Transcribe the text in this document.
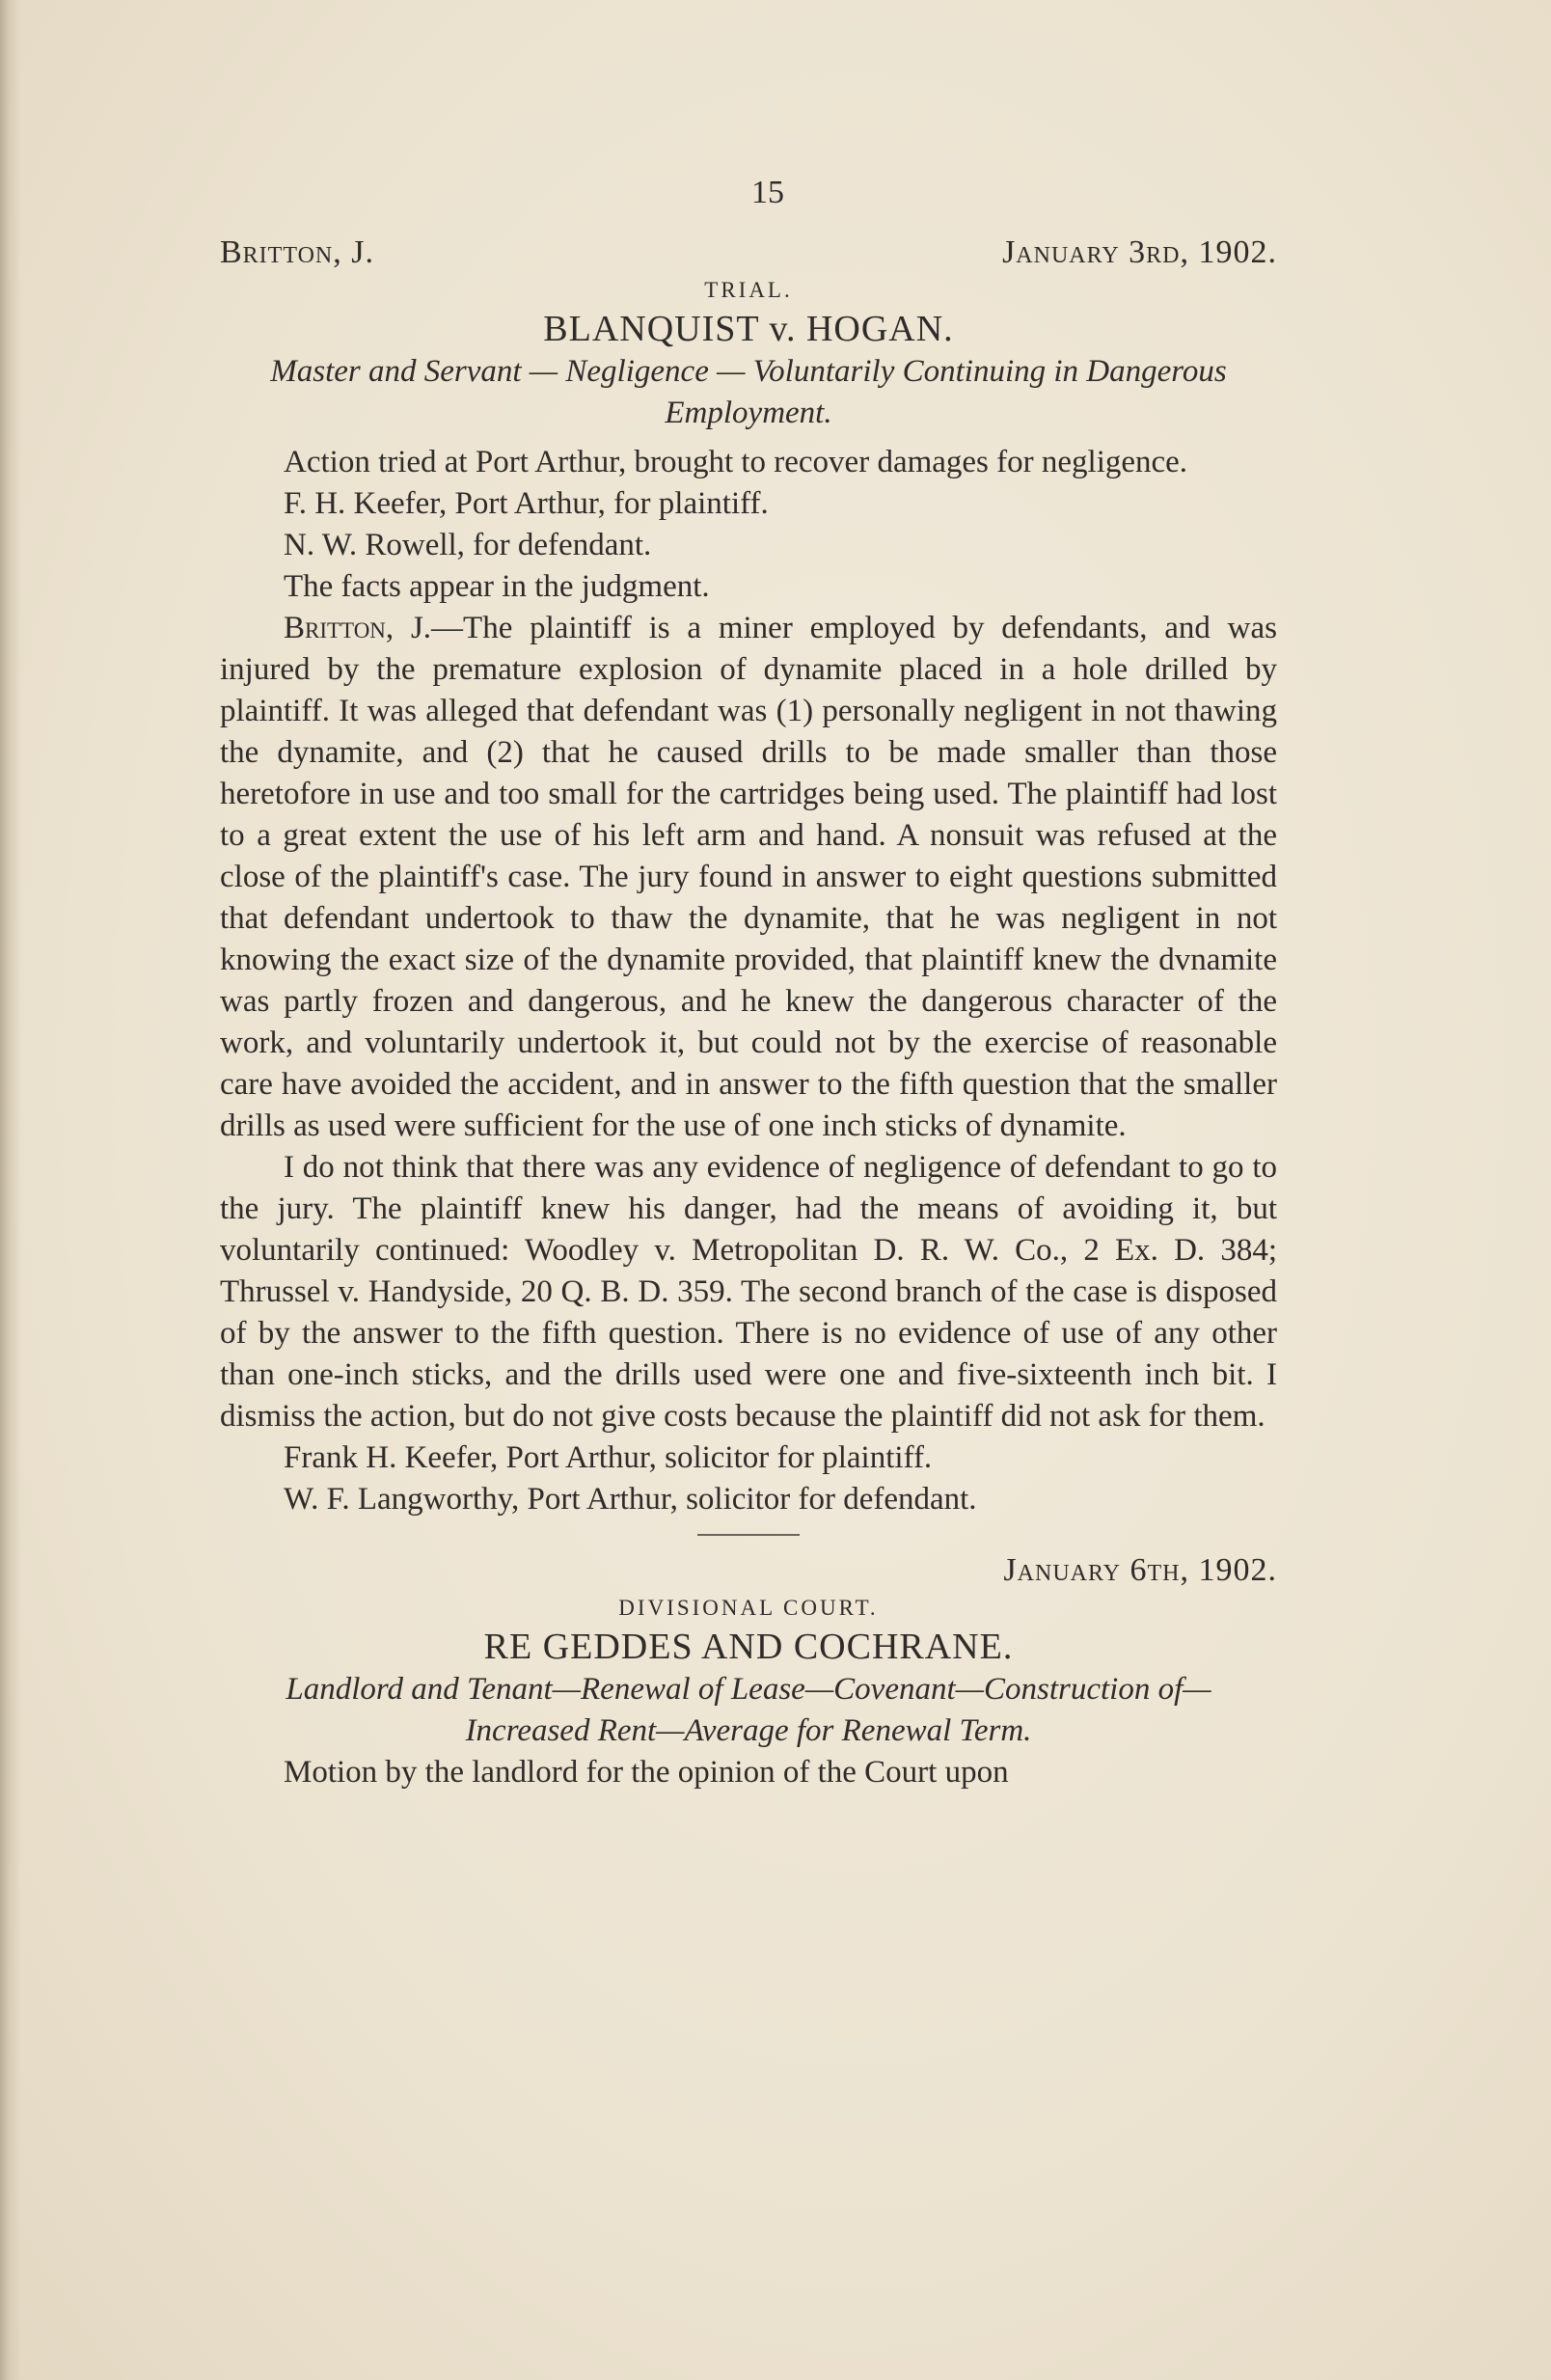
15
Britton, J.	January 3rd, 1902.
TRIAL.
BLANQUIST v. HOGAN.
Master and Servant — Negligence — Voluntarily Continuing in Dangerous Employment.

Action tried at Port Arthur, brought to recover damages for negligence.

F. H. Keefer, Port Arthur, for plaintiff.

N. W. Rowell, for defendant.

The facts appear in the judgment.

Britton, J.—The plaintiff is a miner employed by defendants, and was injured by the premature explosion of dynamite placed in a hole drilled by plaintiff. It was alleged that defendant was (1) personally negligent in not thawing the dynamite, and (2) that he caused drills to be made smaller than those heretofore in use and too small for the cartridges being used. The plaintiff had lost to a great extent the use of his left arm and hand. A nonsuit was refused at the close of the plaintiff's case. The jury found in answer to eight questions submitted that defendant undertook to thaw the dynamite, that he was negligent in not knowing the exact size of the dynamite provided, that plaintiff knew the dvnamite was partly frozen and dangerous, and he knew the dangerous character of the work, and voluntarily undertook it, but could not by the exercise of reasonable care have avoided the accident, and in answer to the fifth question that the smaller drills as used were sufficient for the use of one inch sticks of dynamite.

I do not think that there was any evidence of negligence of defendant to go to the jury. The plaintiff knew his danger, had the means of avoiding it, but voluntarily continued: Woodley v. Metropolitan D. R. W. Co., 2 Ex. D. 384; Thrussel v. Handyside, 20 Q. B. D. 359. The second branch of the case is disposed of by the answer to the fifth question. There is no evidence of use of any other than one-inch sticks, and the drills used were one and five-sixteenth inch bit. I dismiss the action, but do not give costs because the plaintiff did not ask for them.

Frank H. Keefer, Port Arthur, solicitor for plaintiff.

W. F. Langworthy, Port Arthur, solicitor for defendant.

January 6th, 1902.
DIVISIONAL COURT.
RE GEDDES AND COCHRANE.
Landlord and Tenant—Renewal of Lease—Covenant—Construction of—Increased Rent—Average for Renewal Term.

Motion by the landlord for the opinion of the Court upon
